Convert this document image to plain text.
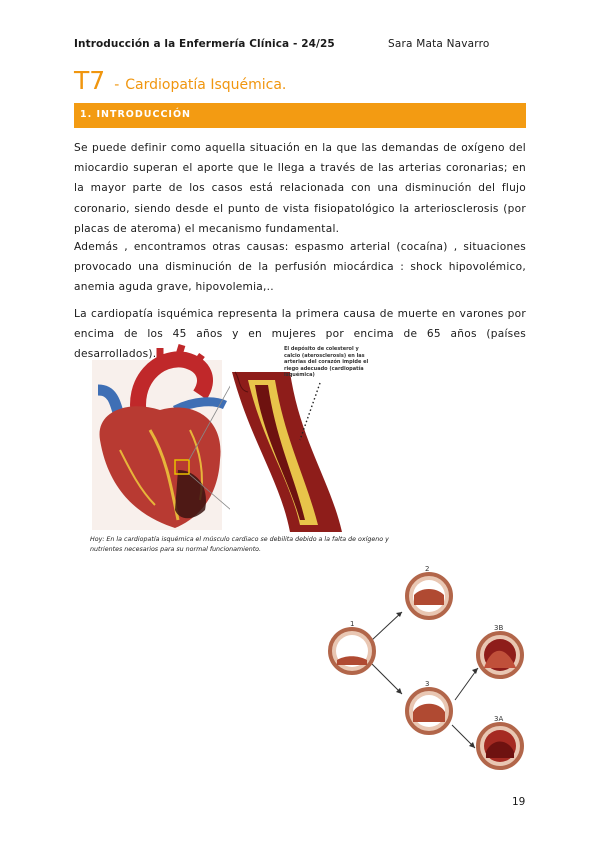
Introducción a la Enfermería Clínica - 24/25	Sara Mata Navarro
T7 - Cardiopatía Isquémica.
1. INTRODUCCIÓN
Se puede definir como aquella situación en la que las demandas de oxígeno del miocardio superan el aporte que le llega a través de las arterias coronarias; en la mayor parte de los casos está relacionada con una disminución del flujo coronario, siendo desde el punto de vista fisiopatológico la arteriosclerosis (por placas de ateroma) el mecanismo fundamental.
Además , encontramos otras causas: espasmo arterial (cocaína) , situaciones provocado una disminución de la perfusión miocárdica : shock hipovolémico, anemia aguda grave, hipovolemia,..
La cardiopatía isquémica representa la primera causa de muerte en varones por encima de los 45 años y en mujeres por encima de 65 años (países desarrollados).	El depósito de colesterol y calcio (aterosclerosis) en las arterias del corazón impide el riego adecuado (cardiopatía isquémica)
Hoy: En la cardiopatía isquémica el músculo cardiaco se debilita debido a la falta de oxígeno y nutrientes necesarios para su normal funcionamiento.
1
2
3
3B
3A
19
